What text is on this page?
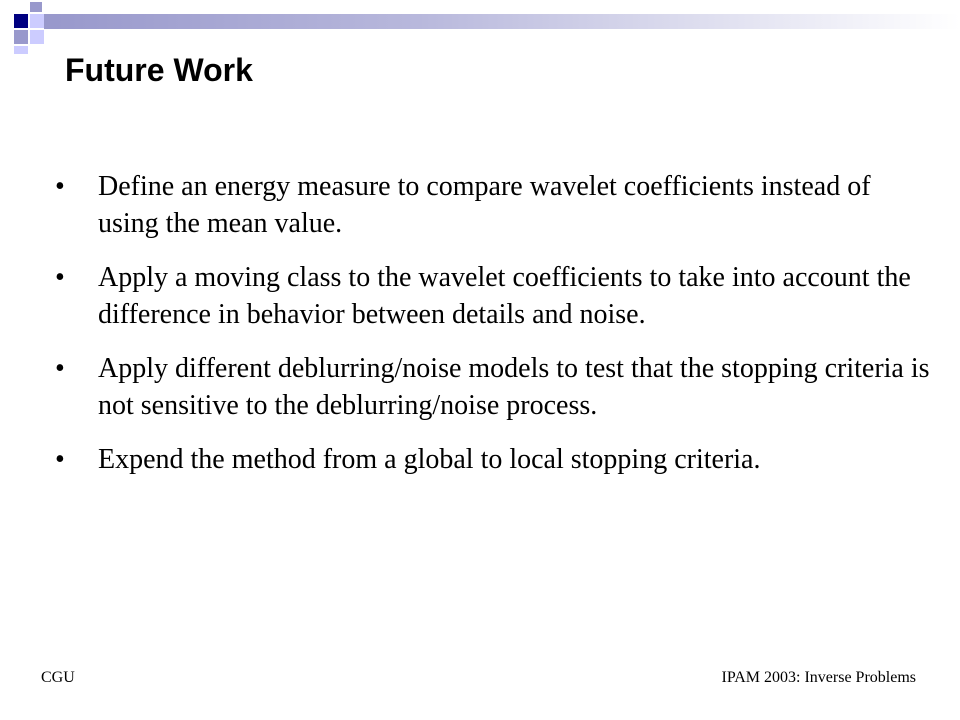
Future Work
• Define an energy measure to compare wavelet coefficients instead of using the mean value.
• Apply a moving class to the wavelet coefficients to take into account the difference in behavior between details and noise.
• Apply different deblurring/noise models to test that the stopping criteria is not sensitive to the deblurring/noise process.
• Expend the method from a global to local stopping criteria.
CGU	IPAM 2003: Inverse Problems
